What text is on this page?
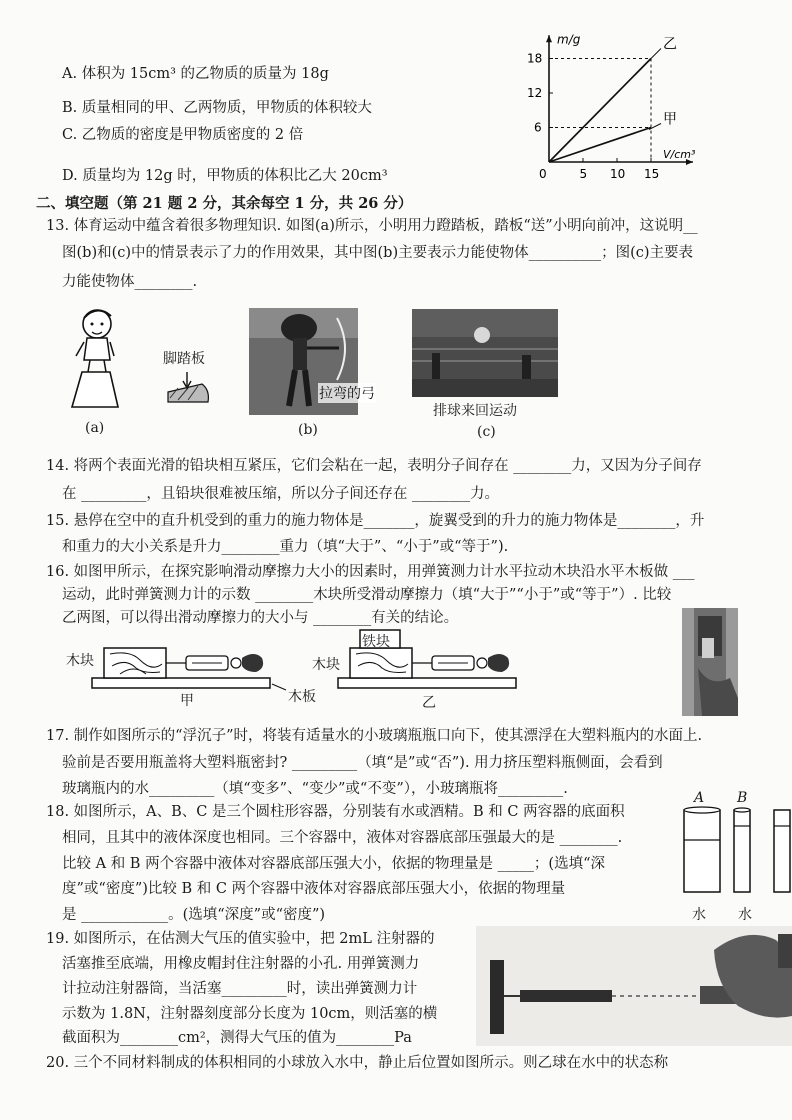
A. 体积为 15cm³ 的乙物质的质量为 18g
B. 质量相同的甲、乙两物质，甲物质的体积较大
C. 乙物质的密度是甲物质密度的 2 倍
D. 质量均为 12g 时，甲物质的体积比乙大 20cm³
m/g
V/cm³
0	5 10 15
6
12
18
乙
甲
二、填空题（第 21 题 2 分，其余每空 1 分，共 26 分）
13. 体育运动中蕴含着很多物理知识. 如图(a)所示，小明用力蹬踏板，踏板“送”小明向前冲，这说明__
图(b)和(c)中的情景表示了力的作用效果，其中图(b)主要表示力能使物体__________；图(c)主要表
力能使物体________.
脚踏板
(a)
拉弯的弓
(b)
排球来回运动
(c)
14. 将两个表面光滑的铅块相互紧压，它们会粘在一起，表明分子间存在 ________力，又因为分子间存
在 _________，且铅块很难被压缩，所以分子间还存在 ________力。
15. 悬停在空中的直升机受到的重力的施力物体是_______，旋翼受到的升力的施力物体是________，升
和重力的大小关系是升力________重力（填“大于”、“小于”或“等于”).
16. 如图甲所示，在探究影响滑动摩擦力大小的因素时，用弹簧测力计水平拉动木块沿水平木板做 ___
运动，此时弹簧测力计的示数 ________木块所受滑动摩擦力（填“大于”“小于”或“等于”）. 比较
乙两图，可以得出滑动摩擦力的大小与 ________有关的结论。
木块	木块
铁块
木板
甲	乙
17. 制作如图所示的“浮沉子”时，将装有适量水的小玻璃瓶瓶口向下，使其漂浮在大塑料瓶内的水面上.
验前是否要用瓶盖将大塑料瓶密封? _________（填“是”或“否”). 用力挤压塑料瓶侧面，会看到
玻璃瓶内的水_________（填“变多”、“变少”或“不变”），小玻璃瓶将_________.
18. 如图所示，A、B、C 是三个圆柱形容器，分别装有水或酒精。B 和 C 两容器的底面积
相同，且其中的液体深度也相同。三个容器中，液体对容器底部压强最大的是 ________.
比较 A 和 B 两个容器中液体对容器底部压强大小，依据的物理量是 _____；(选填“深
度”或“密度”)比较 B 和 C 两个容器中液体对容器底部压强大小，依据的物理量
是 ____________。(选填“深度”或“密度”)
A B
水 水
19. 如图所示，在估测大气压的值实验中，把 2mL 注射器的
活塞推至底端，用橡皮帽封住注射器的小孔. 用弹簧测力
计拉动注射器筒，当活塞_________时，读出弹簧测力计
示数为 1.8N，注射器刻度部分长度为 10cm，则活塞的横
截面积为________cm²，测得大气压的值为________Pa
20. 三个不同材料制成的体积相同的小球放入水中，静止后位置如图所示。则乙球在水中的状态称
